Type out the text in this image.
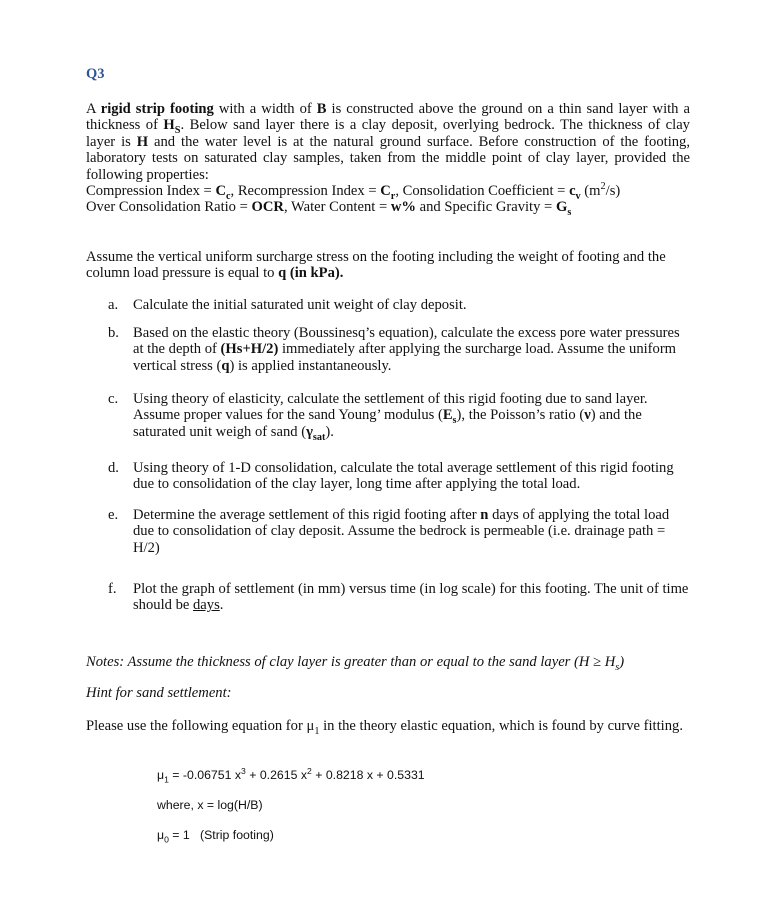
Q3

A rigid strip footing with a width of B is constructed above the ground on a thin sand layer with a thickness of $H_S$. Below sand layer there is a clay deposit, overlying bedrock. The thickness of clay layer is H and the water level is at the natural ground surface. Before construction of the footing, laboratory tests on saturated clay samples, taken from the middle point of clay layer, provided the following properties:
Compression Index = $C_c$, Recompression Index = $C_r$, Consolidation Coefficient = $c_v$ $(m^2/s)$
Over Consolidation Ratio = OCR, Water Content = w% and Specific Gravity = $G_s$

Assume the vertical uniform surcharge stress on the footing including the weight of footing and the column load pressure is equal to q (in kPa).

a. Calculate the initial saturated unit weight of clay deposit.
b. Based on the elastic theory (Boussinesq’s equation), calculate the excess pore water pressures at the depth of (Hs+H/2) immediately after applying the surcharge load. Assume the uniform vertical stress (q) is applied instantaneously.
c. Using theory of elasticity, calculate the settlement of this rigid footing due to sand layer. Assume proper values for the sand Young’ modulus $(E_s)$, the Poisson’s ratio (ν) and the saturated unit weigh of sand $(\gamma_{sat})$.
d. Using theory of 1-D consolidation, calculate the total average settlement of this rigid footing due to consolidation of the clay layer, long time after applying the total load.
e. Determine the average settlement of this rigid footing after n days of applying the total load due to consolidation of clay deposit. Assume the bedrock is permeable (i.e. drainage path = H/2)
f. Plot the graph of settlement (in mm) versus time (in log scale) for this footing. The unit of time should be days.
Notes: Assume the thickness of clay layer is greater than or equal to the sand layer $(H \ge H_s)$
Hint for sand settlement:
Please use the following equation for $\mu_1$ in the theory elastic equation, which is found by curve fitting.
$\mu_1 = -0.06751$ $x^3 + 0.2615$ $x^2 + 0.8218$ x + 0.5331
where, x = log(H/B)
$\mu_0 = 1$   (Strip footing)
